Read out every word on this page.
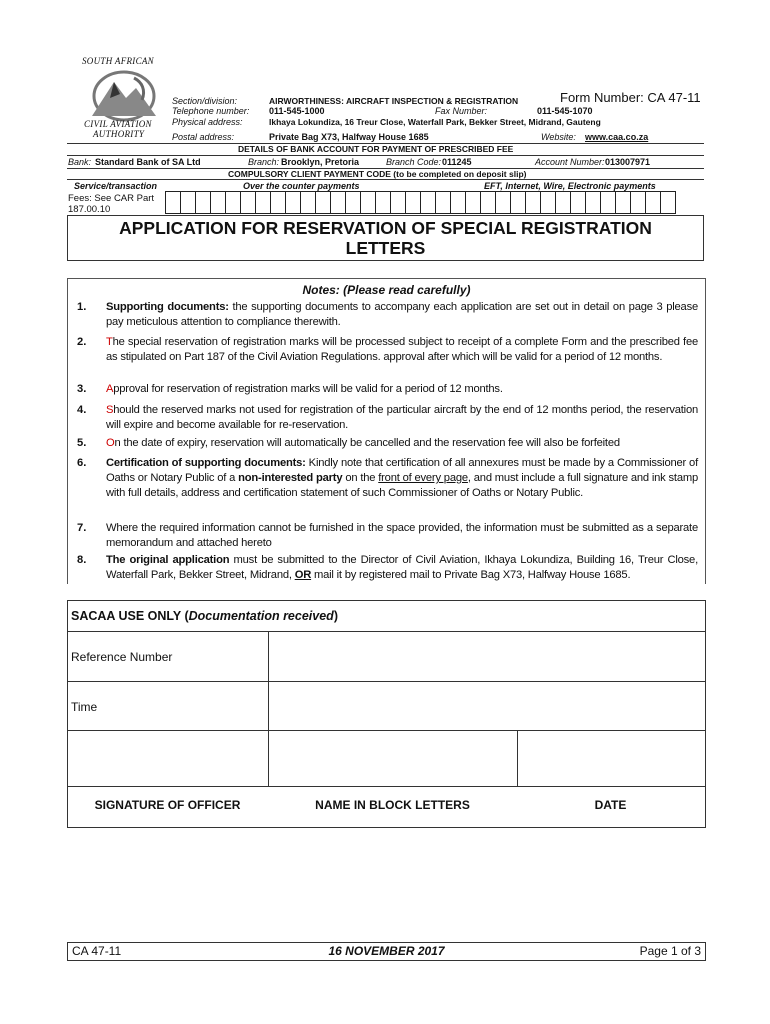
SOUTH AFRICAN
CIVIL AVIATION
AUTHORITY
Form Number: CA 47-11
Section/division:	AIRWORTHINESS: AIRCRAFT INSPECTION & REGISTRATION
Telephone number: 011-545-1000	Fax Number:	011-545-1070
Physical address:	Ikhaya Lokundiza, 16 Treur Close, Waterfall Park, Bekker Street, Midrand, Gauteng
Postal address:	Private Bag X73, Halfway House 1685	Website: www.caa.co.za
DETAILS OF BANK ACCOUNT FOR PAYMENT OF PRESCRIBED FEE
Bank: Standard Bank of SA Ltd	Branch: Brooklyn, Pretoria	Branch Code: 011245	Account Number: 013007971
COMPULSORY CLIENT PAYMENT CODE (to be completed on deposit slip)
Service/transaction	Over the counter payments	EFT, Internet, Wire, Electronic payments
Fees: See CAR Part
187.00.10
APPLICATION FOR RESERVATION OF SPECIAL REGISTRATION
LETTERS
Notes: (Please read carefully)
1.	Supporting documents: the supporting documents to accompany each application are set out in detail on page 3 please pay meticulous attention to compliance therewith.
2.	The special reservation of registration marks will be processed subject to receipt of a complete Form and the prescribed fee as stipulated on Part 187 of the Civil Aviation Regulations. approval after which will be valid for a period of 12 months.
3.	Approval for reservation of registration marks will be valid for a period of 12 months.
4.	Should the reserved marks not used for registration of the particular aircraft by the end of 12 months period, the reservation will expire and become available for re-reservation.
5.	On the date of expiry, reservation will automatically be cancelled and the reservation fee will also be forfeited
6.	Certification of supporting documents: Kindly note that certification of all annexures must be made by a Commissioner of Oaths or Notary Public of a non-interested party on the front of every page, and must include a full signature and ink stamp with full details, address and certification statement of such Commissioner of Oaths or Notary Public.
7.	Where the required information cannot be furnished in the space provided, the information must be submitted as a separate memorandum and attached hereto
8.	The original application must be submitted to the Director of Civil Aviation, Ikhaya Lokundiza, Building 16, Treur Close, Waterfall Park, Bekker Street, Midrand, OR mail it by registered mail to Private Bag X73, Halfway House 1685.
SACAA USE ONLY (Documentation received)
Reference Number
Time
SIGNATURE OF OFFICER	NAME IN BLOCK LETTERS	DATE
CA 47-11	16 NOVEMBER 2017	Page 1 of 3
